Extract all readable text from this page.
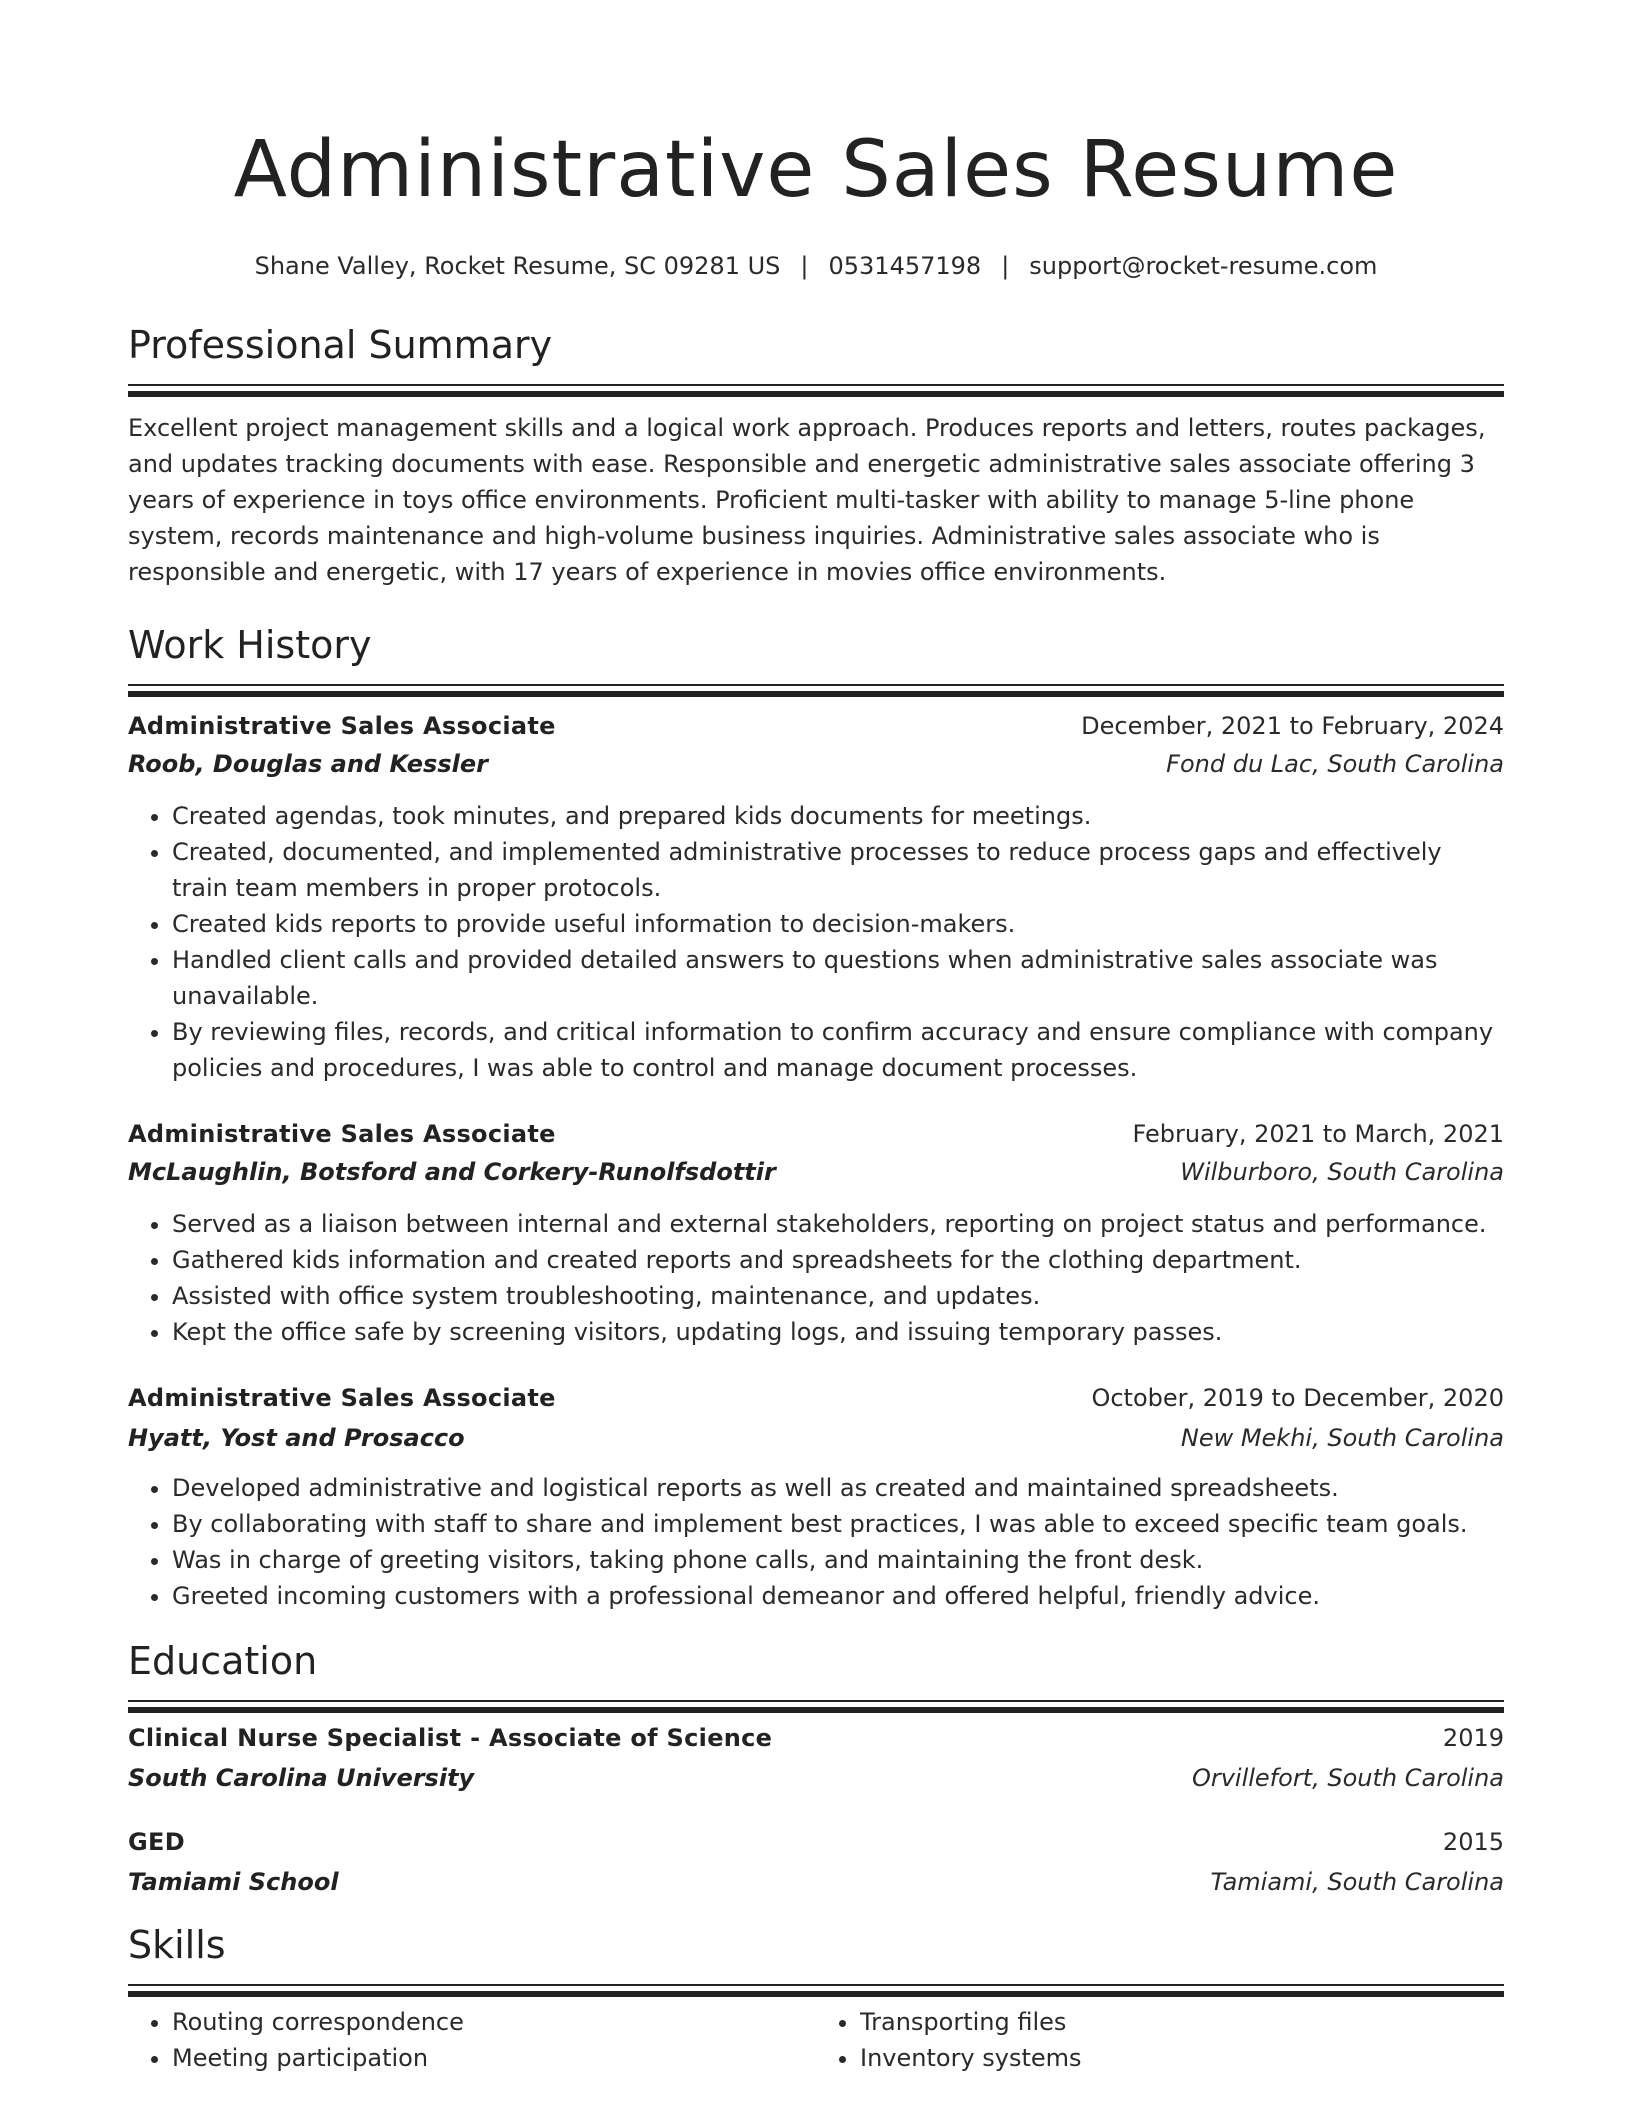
Administrative Sales Resume
Shane Valley, Rocket Resume, SC 09281 US | 0531457198 | support@rocket-resume.com
Professional Summary

Excellent project management skills and a logical work approach. Produces reports and letters, routes packages, and updates tracking documents with ease. Responsible and energetic administrative sales associate offering 3 years of experience in toys office environments. Proficient multi-tasker with ability to manage 5-line phone system, records maintenance and high-volume business inquiries. Administrative sales associate who is responsible and energetic, with 17 years of experience in movies office environments.

Work History
Administrative Sales Associate	December, 2021 to February, 2024
Roob, Douglas and Kessler	Fond du Lac, South Carolina
• Created agendas, took minutes, and prepared kids documents for meetings.
• Created, documented, and implemented administrative processes to reduce process gaps and effectively train team members in proper protocols.
• Created kids reports to provide useful information to decision-makers.
• Handled client calls and provided detailed answers to questions when administrative sales associate was unavailable.
• By reviewing files, records, and critical information to confirm accuracy and ensure compliance with company policies and procedures, I was able to control and manage document processes.
Administrative Sales Associate	February, 2021 to March, 2021
McLaughlin, Botsford and Corkery-Runolfsdottir	Wilburboro, South Carolina
• Served as a liaison between internal and external stakeholders, reporting on project status and performance.
• Gathered kids information and created reports and spreadsheets for the clothing department.
• Assisted with office system troubleshooting, maintenance, and updates.
• Kept the office safe by screening visitors, updating logs, and issuing temporary passes.
Administrative Sales Associate	October, 2019 to December, 2020
Hyatt, Yost and Prosacco	New Mekhi, South Carolina
• Developed administrative and logistical reports as well as created and maintained spreadsheets.
• By collaborating with staff to share and implement best practices, I was able to exceed specific team goals.
• Was in charge of greeting visitors, taking phone calls, and maintaining the front desk.
• Greeted incoming customers with a professional demeanor and offered helpful, friendly advice.
Education
Clinical Nurse Specialist - Associate of Science	2019
South Carolina University	Orvillefort, South Carolina
GED	2015
Tamiami School	Tamiami, South Carolina
Skills
• Routing correspondence
• Meeting participation
• Transporting files
• Inventory systems
